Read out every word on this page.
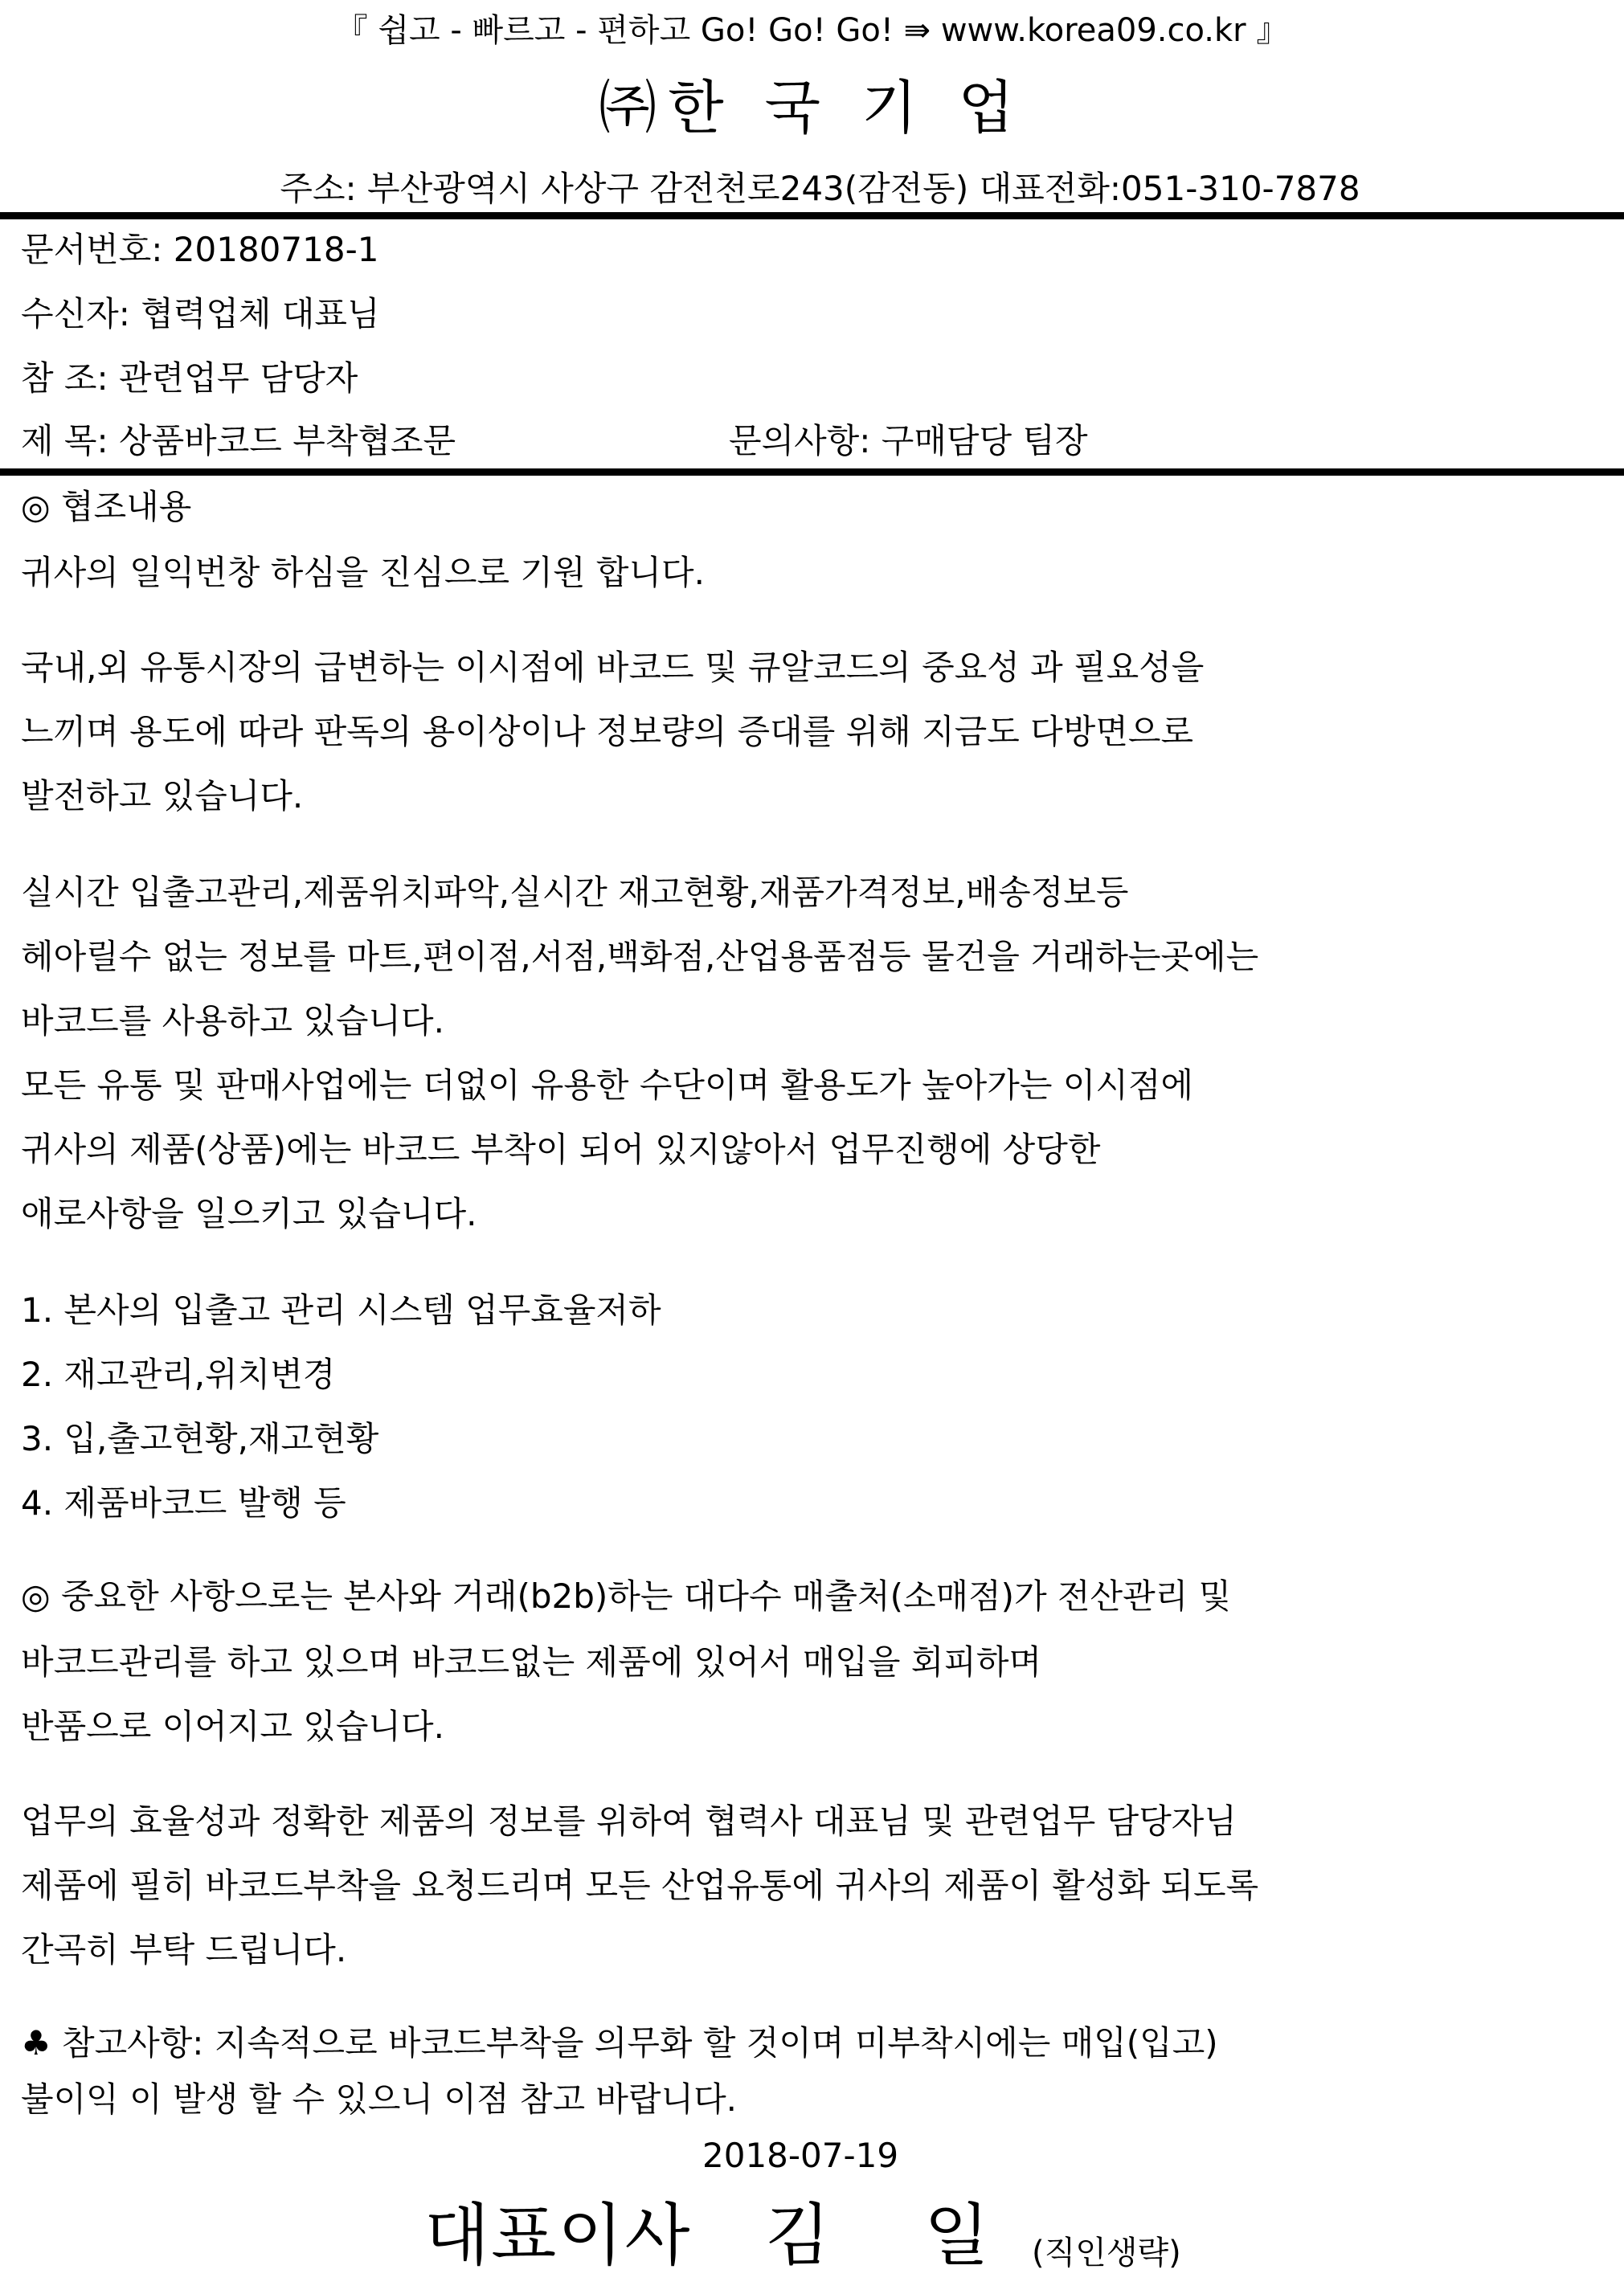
『 쉽고 - 빠르고 - 편하고 Go! Go! Go! ⇛ www.korea09.co.kr 』
㈜한 국 기 업
주소: 부산광역시 사상구 감전천로243(감전동) 대표전화:051-310-7878
문서번호: 20180718-1
수신자: 협력업체 대표님
참 조: 관련업무 담당자
제 목: 상품바코드 부착협조문	문의사항: 구매담당 팀장
◎ 협조내용
귀사의 일익번창 하심을 진심으로 기원 합니다.
국내,외 유통시장의 급변하는 이시점에 바코드 및 큐알코드의 중요성 과 필요성을
느끼며 용도에 따라 판독의 용이상이나 정보량의 증대를 위해 지금도 다방면으로
발전하고 있습니다.
실시간 입출고관리,제품위치파악,실시간 재고현황,재품가격정보,배송정보등
헤아릴수 없는 정보를 마트,편이점,서점,백화점,산업용품점등 물건을 거래하는곳에는
바코드를 사용하고 있습니다.
모든 유통 및 판매사업에는 더없이 유용한 수단이며 활용도가 높아가는 이시점에
귀사의 제품(상품)에는 바코드 부착이 되어 있지않아서 업무진행에 상당한
애로사항을 일으키고 있습니다.
1. 본사의 입출고 관리 시스템 업무효율저하
2. 재고관리,위치변경
3. 입,출고현황,재고현황
4. 제품바코드 발행 등
◎ 중요한 사항으로는 본사와 거래(b2b)하는 대다수 매출처(소매점)가 전산관리 및
바코드관리를 하고 있으며 바코드없는 제품에 있어서 매입을 회피하며
반품으로 이어지고 있습니다.
업무의 효율성과 정확한 제품의 정보를 위하여 협력사 대표님 및 관련업무 담당자님
제품에 필히 바코드부착을 요청드리며 모든 산업유통에 귀사의 제품이 활성화 되도록
간곡히 부탁 드립니다.
♣ 참고사항: 지속적으로 바코드부착을 의무화 할 것이며 미부착시에는 매입(입고)
불이익 이 발생 할 수 있으니 이점 참고 바랍니다.
2018-07-19
대표이사 김 일 (직인생략)
